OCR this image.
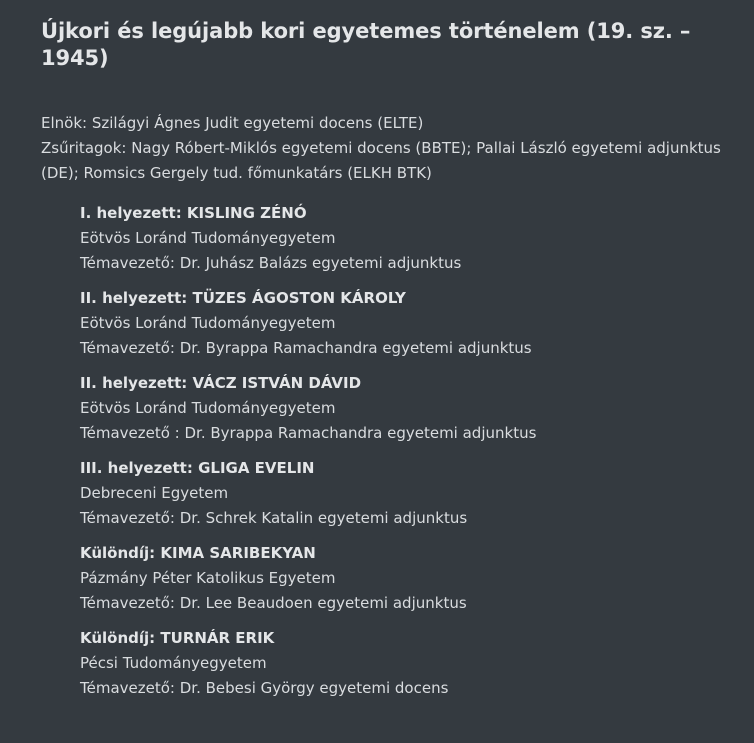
Újkori és legújabb kori egyetemes történelem (19. sz. – 1945)

Elnök: Szilágyi Ágnes Judit egyetemi docens (ELTE)

Zsűritagok: Nagy Róbert-Miklós egyetemi docens (BBTE); Pallai László egyetemi adjunktus (DE); Romsics Gergely tud. főmunkatárs (ELKH BTK)

I. helyezett: KISLING ZÉNÓ
Eötvös Loránd Tudományegyetem
Témavezető: Dr. Juhász Balázs egyetemi adjunktus
II. helyezett: TÜZES ÁGOSTON KÁROLY
Eötvös Loránd Tudományegyetem
Témavezető: Dr. Byrappa Ramachandra egyetemi adjunktus
II. helyezett: VÁCZ ISTVÁN DÁVID
Eötvös Loránd Tudományegyetem
Témavezető : Dr. Byrappa Ramachandra egyetemi adjunktus
III. helyezett: GLIGA EVELIN
Debreceni Egyetem
Témavezető: Dr. Schrek Katalin egyetemi adjunktus
Különdíj: KIMA SARIBEKYAN
Pázmány Péter Katolikus Egyetem
Témavezető: Dr. Lee Beaudoen egyetemi adjunktus
Különdíj: TURNÁR ERIK
Pécsi Tudományegyetem
Témavezető: Dr. Bebesi György egyetemi docens
